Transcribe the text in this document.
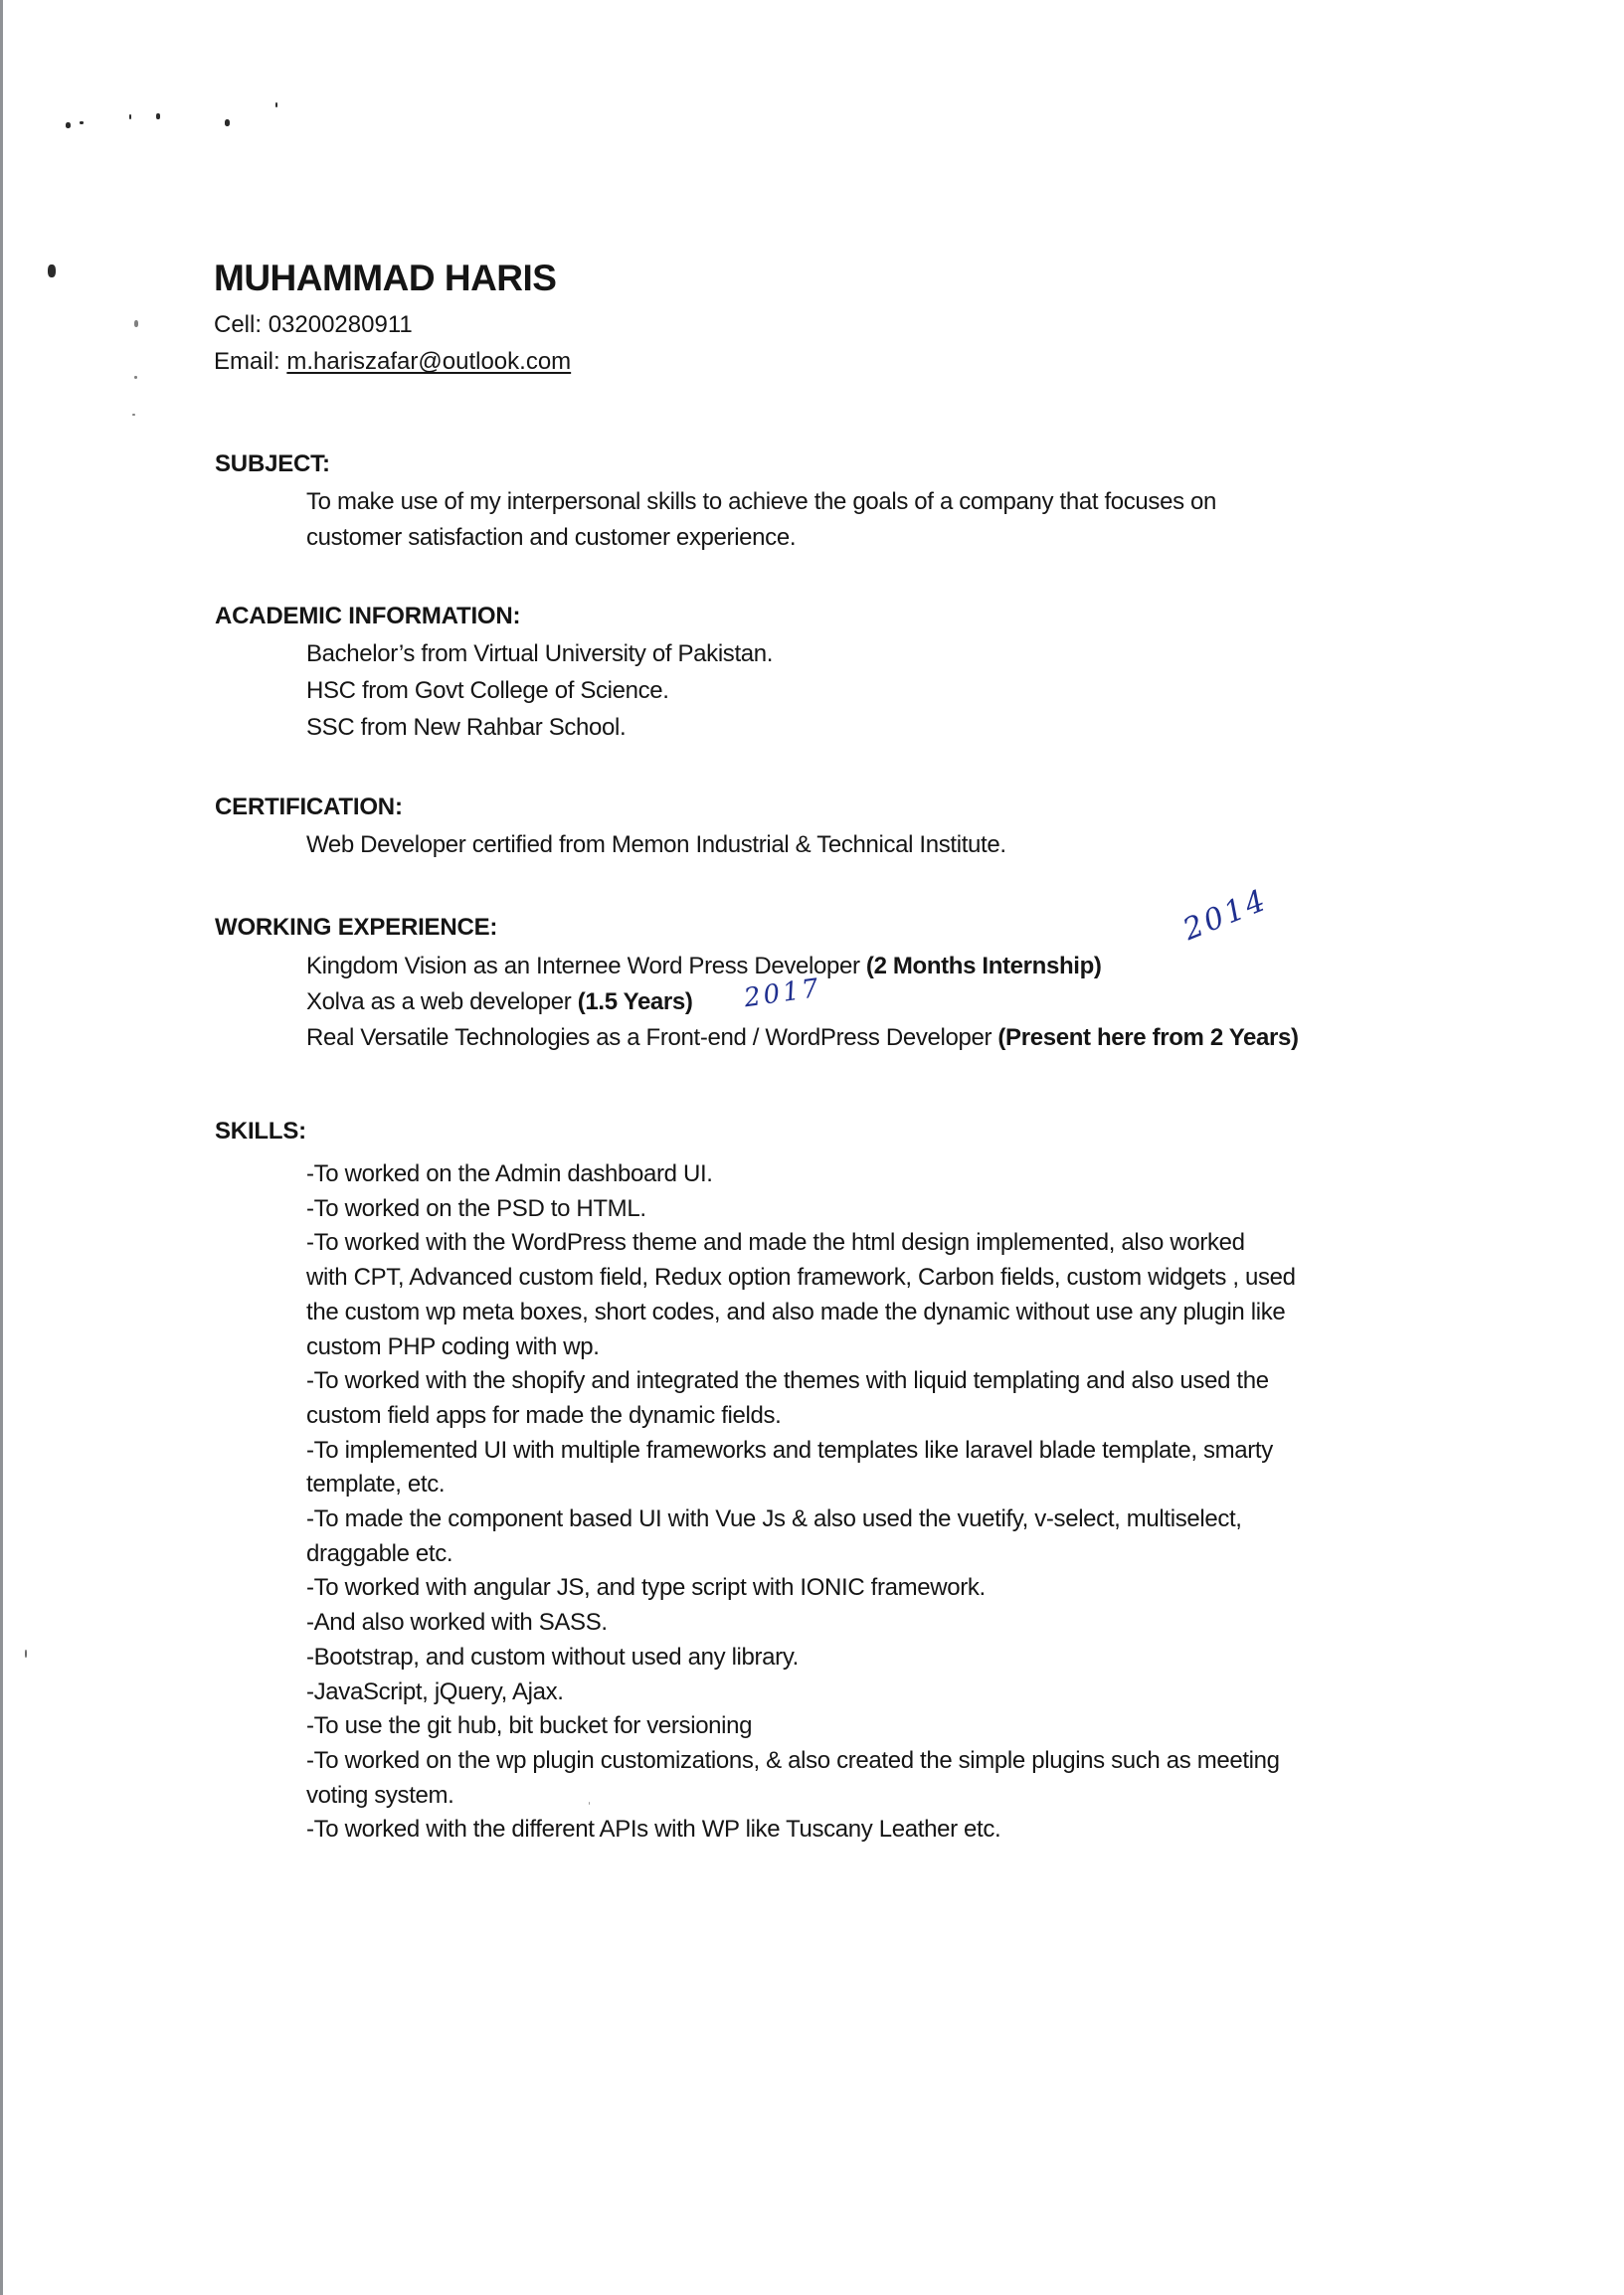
MUHAMMAD HARIS
Cell: 03200280911
Email: m.hariszafar@outlook.com
SUBJECT:
To make use of my interpersonal skills to achieve the goals of a company that focuses on
customer satisfaction and customer experience.
ACADEMIC INFORMATION:
Bachelor’s from Virtual University of Pakistan.
HSC from Govt College of Science.
SSC from New Rahbar School.
CERTIFICATION:
Web Developer certified from Memon Industrial & Technical Institute.
WORKING EXPERIENCE:
Kingdom Vision as an Internee Word Press Developer (2 Months Internship)
Xolva as a web developer (1.5 Years)
Real Versatile Technologies as a Front-end / WordPress Developer (Present here from 2 Years)
2014
2017
SKILLS:
-To worked on the Admin dashboard UI.
-To worked on the PSD to HTML.
-To worked with the WordPress theme and made the html design implemented, also worked
with CPT, Advanced custom field, Redux option framework, Carbon fields, custom widgets , used
the custom wp meta boxes, short codes, and also made the dynamic without use any plugin like
custom PHP coding with wp.
-To worked with the shopify and integrated the themes with liquid templating and also used the
custom field apps for made the dynamic fields.
-To implemented UI with multiple frameworks and templates like laravel blade template, smarty
template, etc.
-To made the component based UI with Vue Js & also used the vuetify, v-select, multiselect,
draggable etc.
-To worked with angular JS, and type script with IONIC framework.
-And also worked with SASS.
-Bootstrap, and custom without used any library.
-JavaScript, jQuery, Ajax.
-To use the git hub, bit bucket for versioning
-To worked on the wp plugin customizations, & also created the simple plugins such as meeting
voting system.
-To worked with the different APIs with WP like Tuscany Leather etc.
